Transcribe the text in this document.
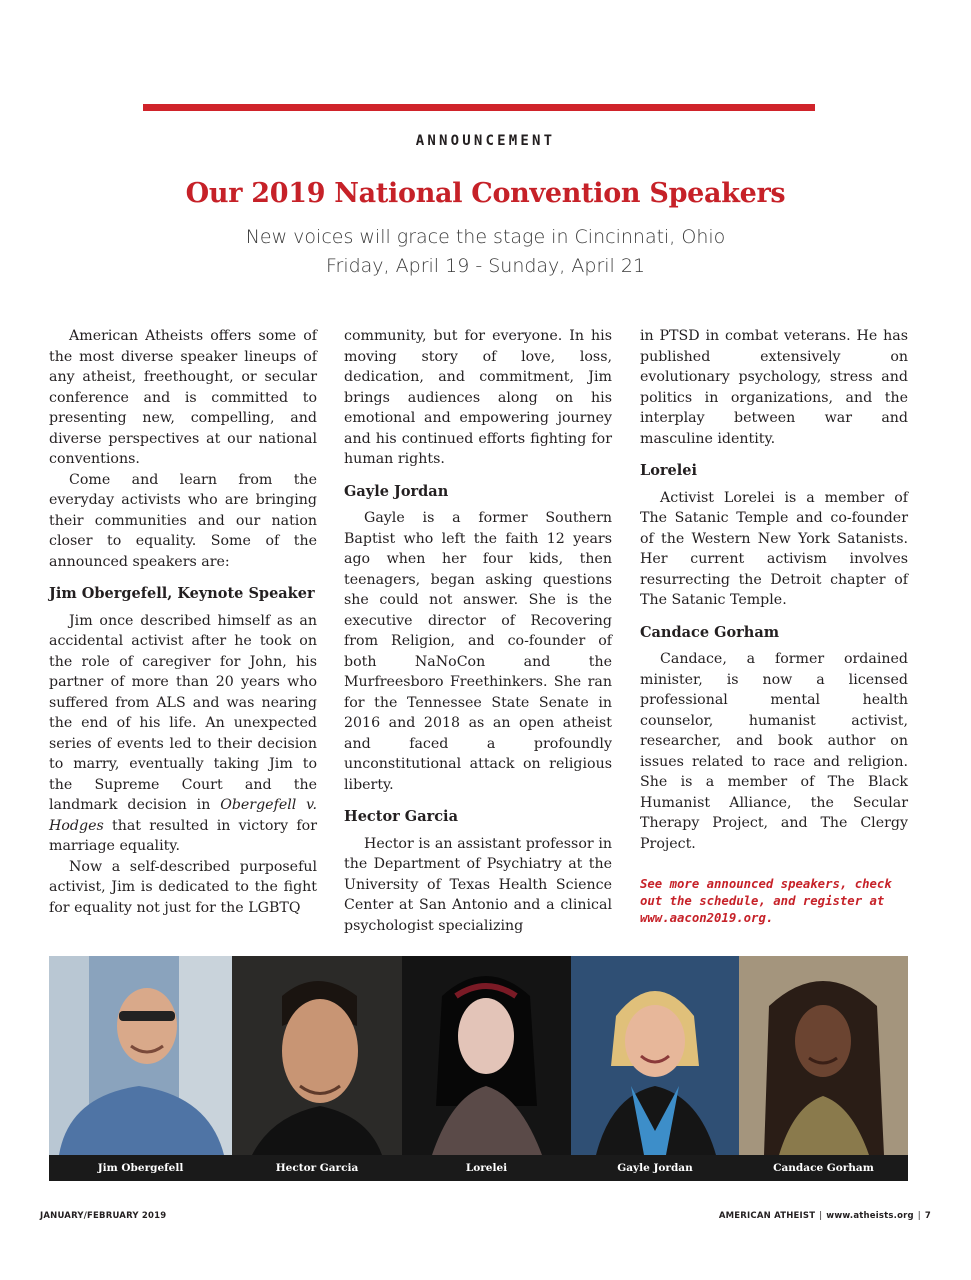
ANNOUNCEMENT
Our 2019 National Convention Speakers
New voices will grace the stage in Cincinnati, Ohio
Friday, April 19 - Sunday, April 21

American Atheists offers some of the most diverse speaker lineups of any atheist, freethought, or secular conference and is committed to presenting new, compelling, and diverse perspectives at our national conventions.

Come and learn from the everyday activists who are bringing their communities and our nation closer to equality. Some of the announced speakers are:

Jim Obergefell, Keynote Speaker

Jim once described himself as an accidental activist after he took on the role of caregiver for John, his partner of more than 20 years who suffered from ALS and was nearing the end of his life. An unexpected series of events led to their decision to marry, eventually taking Jim to the Supreme Court and the landmark decision in Obergefell v. Hodges that resulted in victory for marriage equality.

Now a self-described purposeful activist, Jim is dedicated to the fight for equality not just for the LGBTQ

community, but for everyone. In his moving story of love, loss, dedication, and commitment, Jim brings audiences along on his emotional and empowering journey and his continued efforts fighting for human rights.

Gayle Jordan

Gayle is a former Southern Baptist who left the faith 12 years ago when her four kids, then teenagers, began asking questions she could not answer. She is the executive director of Recovering from Religion, and co-founder of both NaNoCon and the Murfreesboro Freethinkers. She ran for the Tennessee State Senate in 2016 and 2018 as an open atheist and faced a profoundly unconstitutional attack on religious liberty.

Hector Garcia

Hector is an assistant professor in the Department of Psychiatry at the University of Texas Health Science Center at San Antonio and a clinical psychologist specializing

in PTSD in combat veterans. He has published extensively on evolutionary psychology, stress and politics in organizations, and the interplay between war and masculine identity.

Lorelei

Activist Lorelei is a member of The Satanic Temple and co-founder of the Western New York Satanists. Her current activism involves resurrecting the Detroit chapter of The Satanic Temple.

Candace Gorham

Candace, a former ordained minister, is now a licensed professional mental health counselor, humanist activist, researcher, and book author on issues related to race and religion. She is a member of The Black Humanist Alliance, the Secular Therapy Project, and The Clergy Project.

See more announced speakers, check out the schedule, and register at www.aacon2019.org.
Jim Obergefell	Hector Garcia	Lorelei	Gayle Jordan	Candace Gorham
JANUARY/FEBRUARY 2019	AMERICAN ATHEIST | www.atheists.org | 7
